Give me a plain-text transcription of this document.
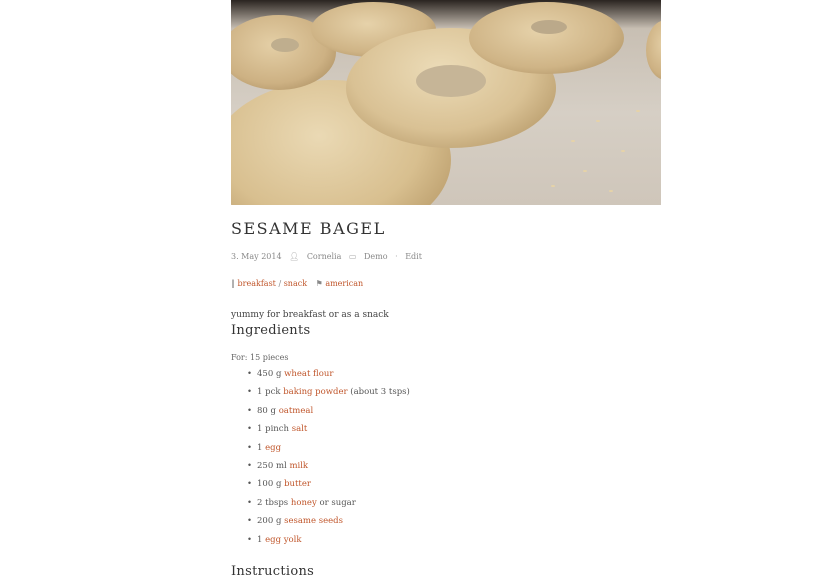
SESAME BAGEL
3. May 2014 👤︎ Cornelia ▭ Demo · Edit
‖ breakfast / snack ⚑ american
yummy for breakfast or as a snack
Ingredients
For: 15 pieces
• 450 g wheat flour
• 1 pck baking powder (about 3 tsps)
• 80 g oatmeal
• 1 pinch salt
• 1 egg
• 250 ml milk
• 100 g butter
• 2 tbsps honey or sugar
• 200 g sesame seeds
• 1 egg yolk
Instructions
